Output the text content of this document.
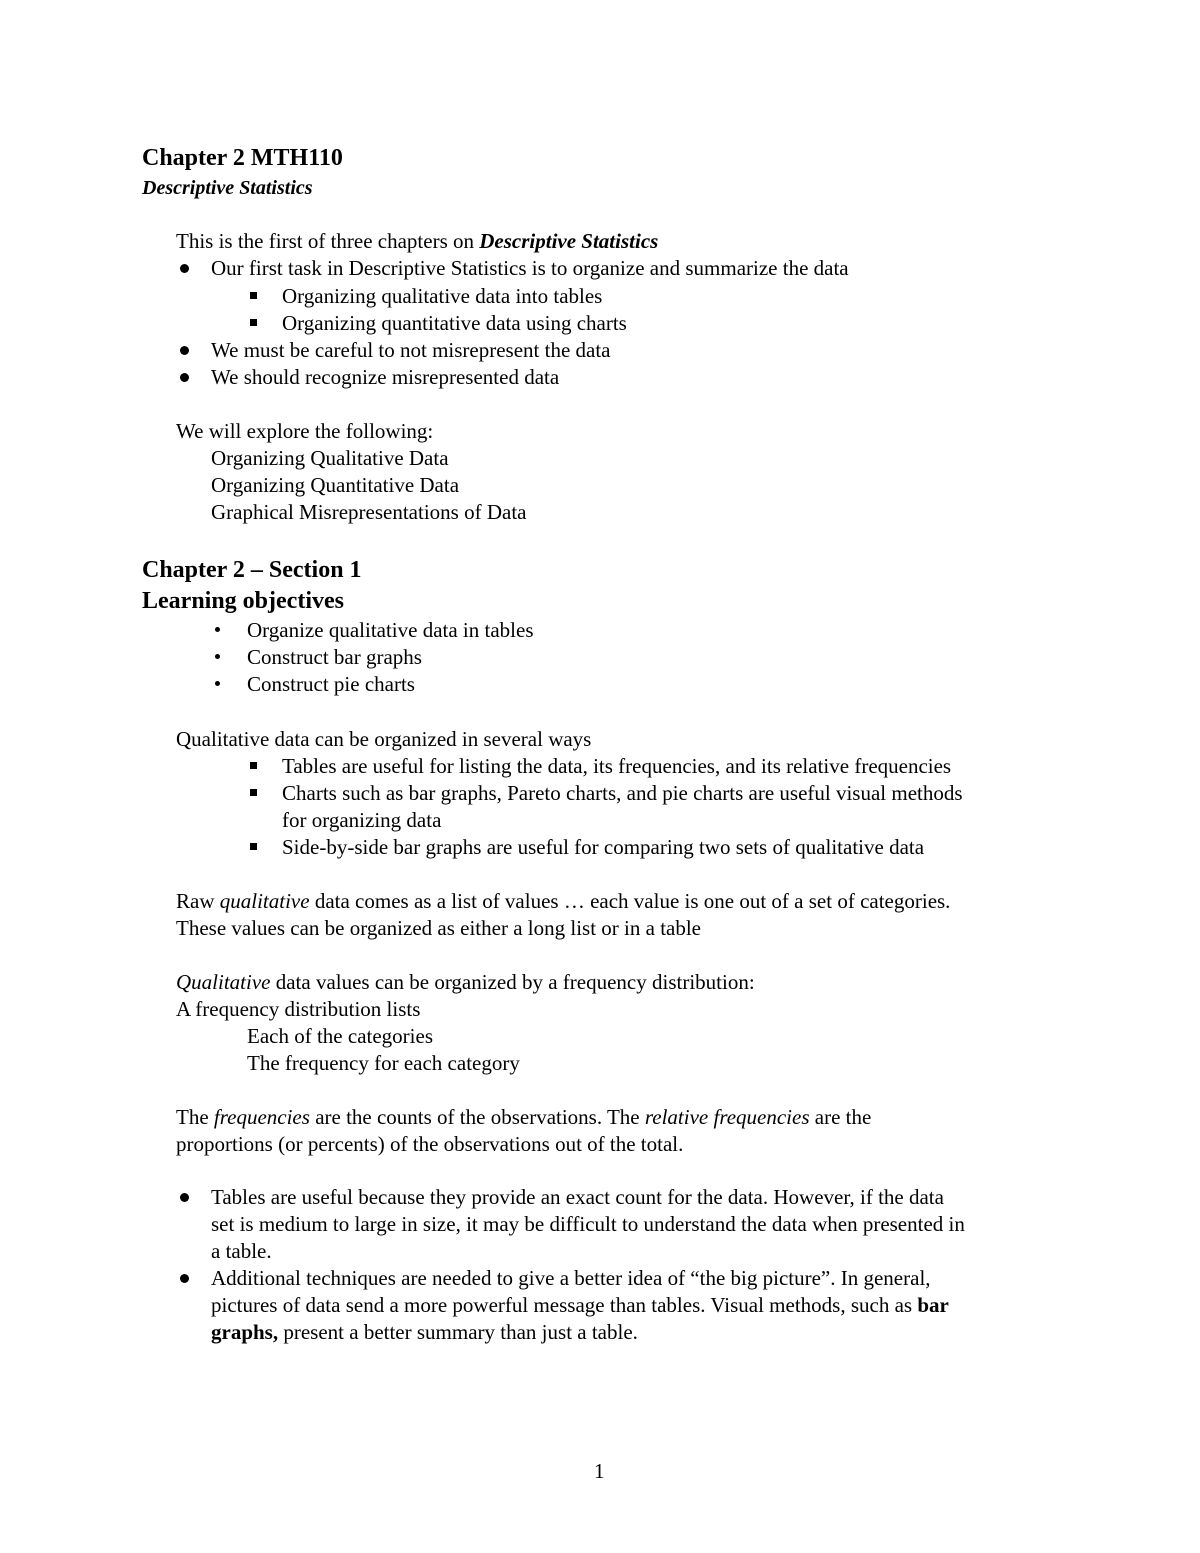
Chapter 2 MTH110
Descriptive Statistics
This is the first of three chapters on Descriptive Statistics
Our first task in Descriptive Statistics is to organize and summarize the data
Organizing qualitative data into tables
Organizing quantitative data using charts
We must be careful to not misrepresent the data
We should recognize misrepresented data
We will explore the following:
Organizing Qualitative Data
Organizing Quantitative Data
Graphical Misrepresentations of Data
Chapter 2 – Section 1
Learning objectives
Organize qualitative data in tables
Construct bar graphs
Construct pie charts
Qualitative data can be organized in several ways
Tables are useful for listing the data, its frequencies, and its relative frequencies
Charts such as bar graphs, Pareto charts, and pie charts are useful visual methods
for organizing data
Side-by-side bar graphs are useful for comparing two sets of qualitative data
Raw qualitative data comes as a list of values … each value is one out of a set of categories.
These values can be organized as either a long list or in a table
Qualitative data values can be organized by a frequency distribution:
A frequency distribution lists
Each of the categories
The frequency for each category
The frequencies are the counts of the observations. The relative frequencies are the
proportions (or percents) of the observations out of the total.
Tables are useful because they provide an exact count for the data. However, if the data
set is medium to large in size, it may be difficult to understand the data when presented in
a table.
Additional techniques are needed to give a better idea of “the big picture”. In general,
pictures of data send a more powerful message than tables. Visual methods, such as bar
graphs, present a better summary than just a table.
1
